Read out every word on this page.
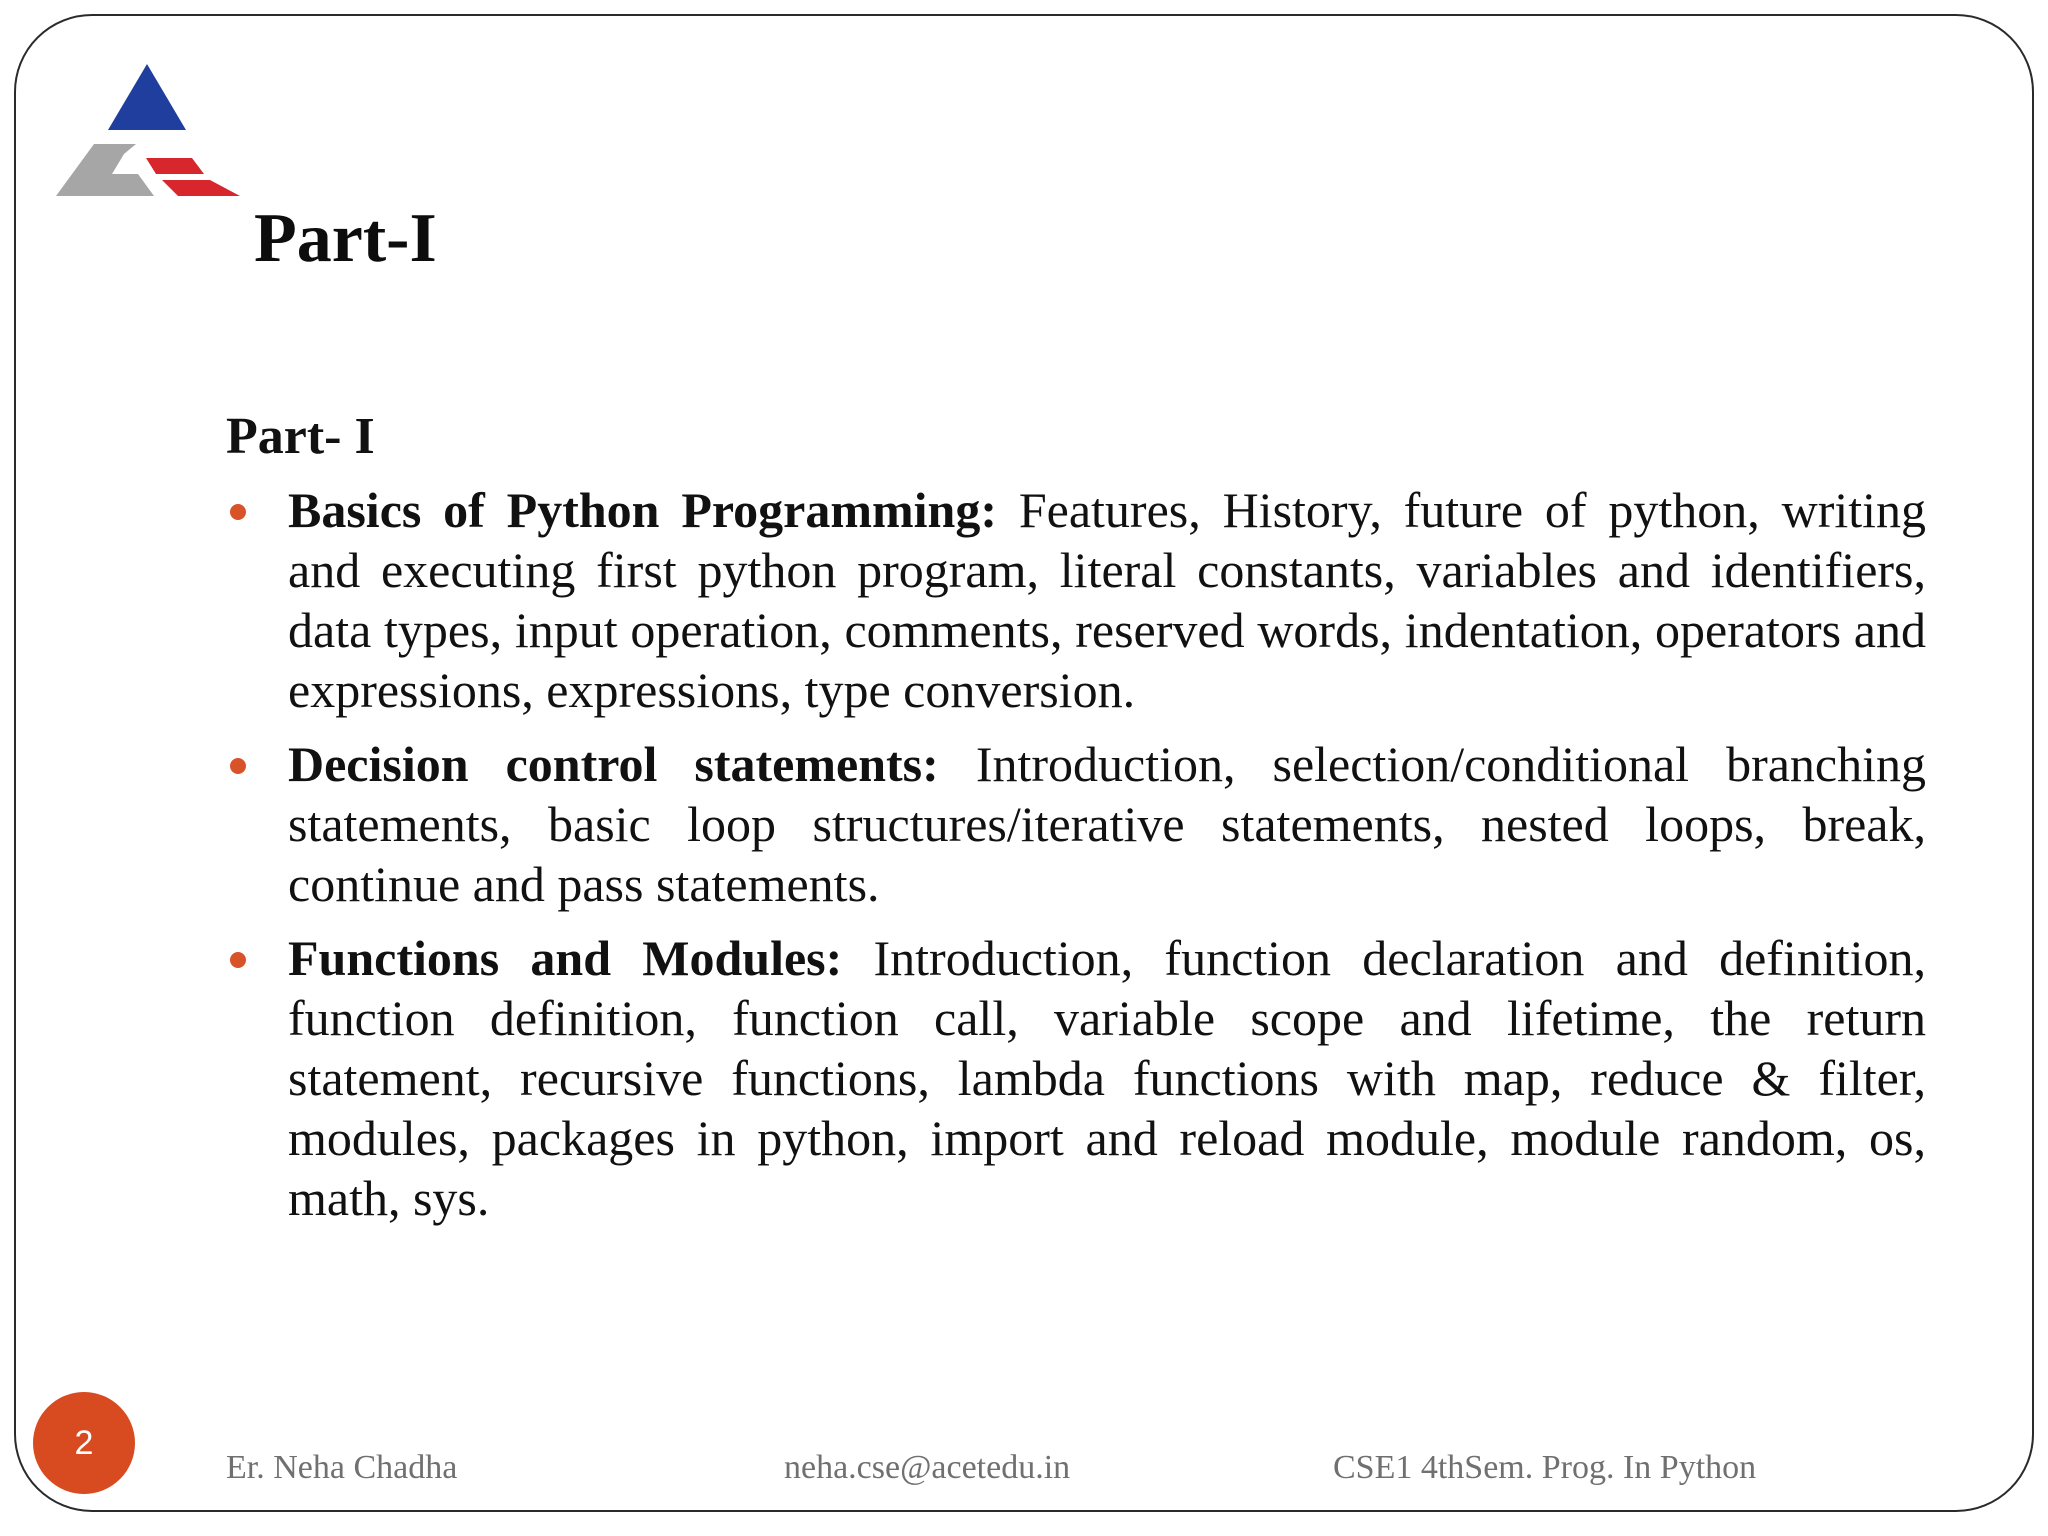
Part-I
Part- I
Basics of Python Programming: Features, History, future of python, writing and executing first python program, literal constants, variables and identifiers, data types, input operation, comments, reserved words, indentation, operators and expressions, expressions, type conversion.
Decision control statements: Introduction, selection/conditional branching statements, basic loop structures/iterative statements, nested loops, break, continue and pass statements.
Functions and Modules: Introduction, function declaration and definition, function definition, function call, variable scope and lifetime, the return statement, recursive functions, lambda functions with map, reduce & filter, modules, packages in python, import and reload module, module random, os, math, sys.
2
Er. Neha Chadha	neha.cse@acetedu.in	CSE1 4thSem. Prog. In Python
